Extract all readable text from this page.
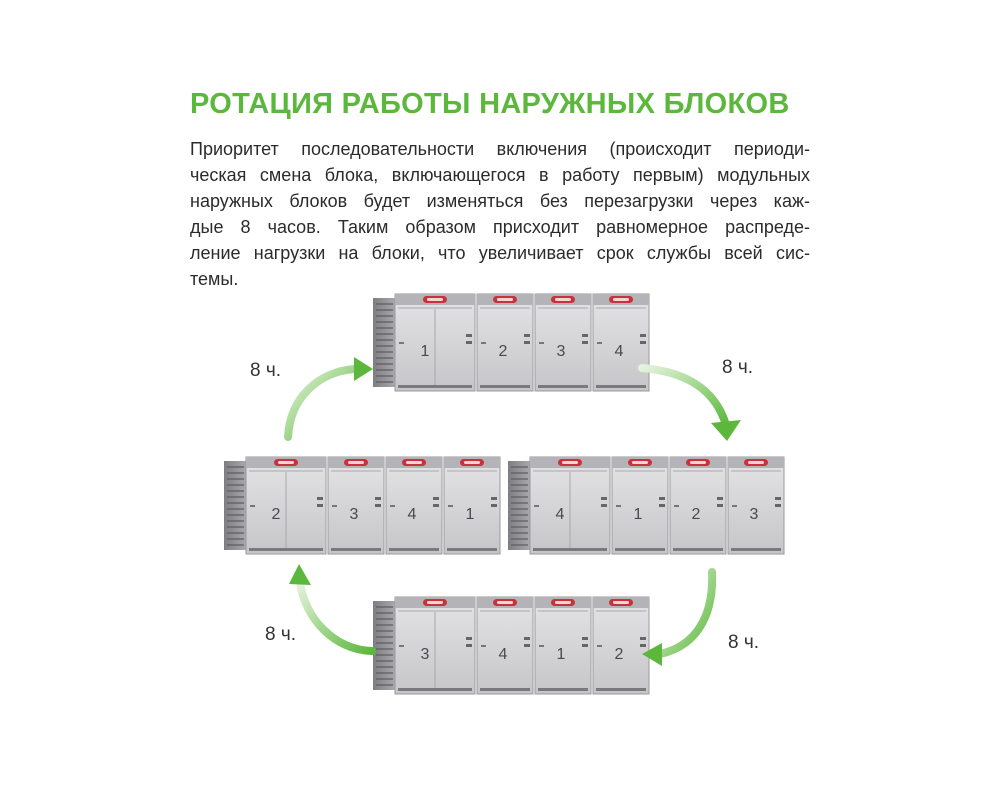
РОТАЦИЯ РАБОТЫ НАРУЖНЫХ БЛОКОВ
Приоритет последовательности включения (происходит периоди-
ческая смена блока, включающегося в работу первым) модульных
наружных блоков будет изменяться без перезагрузки через каж-
дые 8 часов. Таким образом присходит равномерное распреде-
ление нагрузки на блоки, что увеличивает срок службы всей сис-
темы.
1	2	3	4
4	1	2	3
3	4	1	2
2	3	4	1
8 ч.	8 ч.
8 ч.	8 ч.
